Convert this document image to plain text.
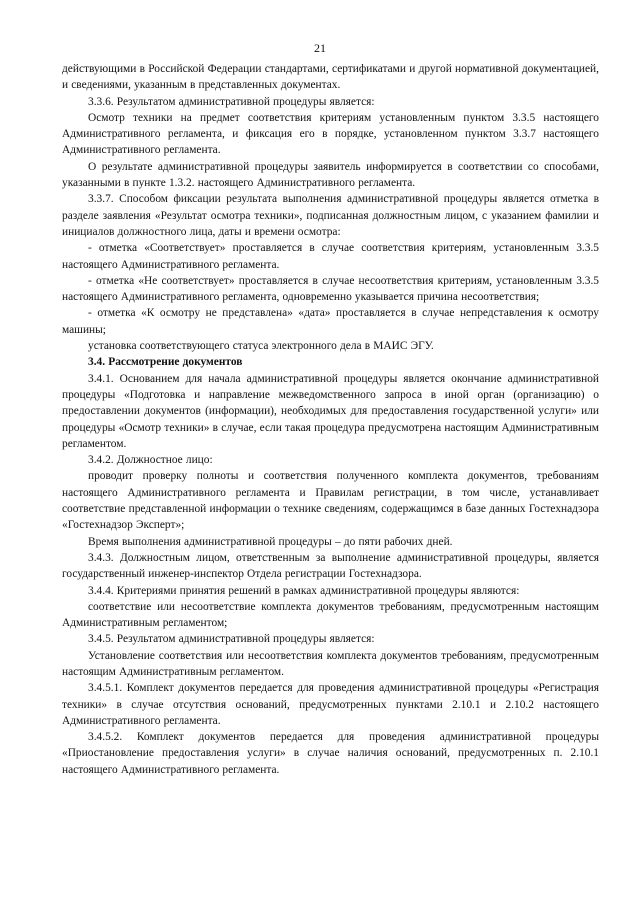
21

действующими в Российской Федерации стандартами, сертификатами и другой нормативной документацией, и сведениями, указанным в представленных документах.

3.3.6. Результатом административной процедуры является:

Осмотр техники на предмет соответствия критериям установленным пунктом 3.3.5 настоящего Административного регламента, и фиксация его в порядке, установленном пунктом 3.3.7 настоящего Административного регламента.

О результате административной процедуры заявитель информируется в соответствии со способами, указанными в пункте 1.3.2. настоящего Административного регламента.

3.3.7. Способом фиксации результата выполнения административной процедуры является отметка в разделе заявления «Результат осмотра техники», подписанная должностным лицом, с указанием фамилии и инициалов должностного лица, даты и времени осмотра:

- отметка «Соответствует» проставляется в случае соответствия критериям, установленным 3.3.5 настоящего Административного регламента.

- отметка «Не соответствует» проставляется в случае несоответствия критериям, установленным 3.3.5 настоящего Административного регламента, одновременно указывается причина несоответствия;

- отметка «К осмотру не представлена» «дата» проставляется в случае непредставления к осмотру машины;

установка соответствующего статуса электронного дела в МАИС ЭГУ.

3.4. Рассмотрение документов

3.4.1. Основанием для начала административной процедуры является окончание административной процедуры «Подготовка и направление межведомственного запроса в иной орган (организацию) о предоставлении документов (информации), необходимых для предоставления государственной услуги» или процедуры «Осмотр техники» в случае, если такая процедура предусмотрена настоящим Административным регламентом.

3.4.2. Должностное лицо:

проводит проверку полноты и соответствия полученного комплекта документов, требованиям настоящего Административного регламента и Правилам регистрации, в том числе, устанавливает соответствие представленной информации о технике сведениям, содержащимся в базе данных Гостехнадзора «Гостехнадзор Эксперт»;

Время выполнения административной процедуры – до пяти рабочих дней.

3.4.3. Должностным лицом, ответственным за выполнение административной процедуры, является государственный инженер-инспектор Отдела регистрации Гостехнадзора.

3.4.4. Критериями принятия решений в рамках административной процедуры являются:

соответствие или несоответствие комплекта документов требованиям, предусмотренным настоящим Административным регламентом;

3.4.5. Результатом административной процедуры является:

Установление соответствия или несоответствия комплекта документов требованиям, предусмотренным настоящим Административным регламентом.

3.4.5.1. Комплект документов передается для проведения административной процедуры «Регистрация техники» в случае отсутствия оснований, предусмотренных пунктами 2.10.1 и 2.10.2 настоящего Административного регламента.

3.4.5.2. Комплект документов передается для проведения административной процедуры «Приостановление предоставления услуги» в случае наличия оснований, предусмотренных п. 2.10.1 настоящего Административного регламента.
